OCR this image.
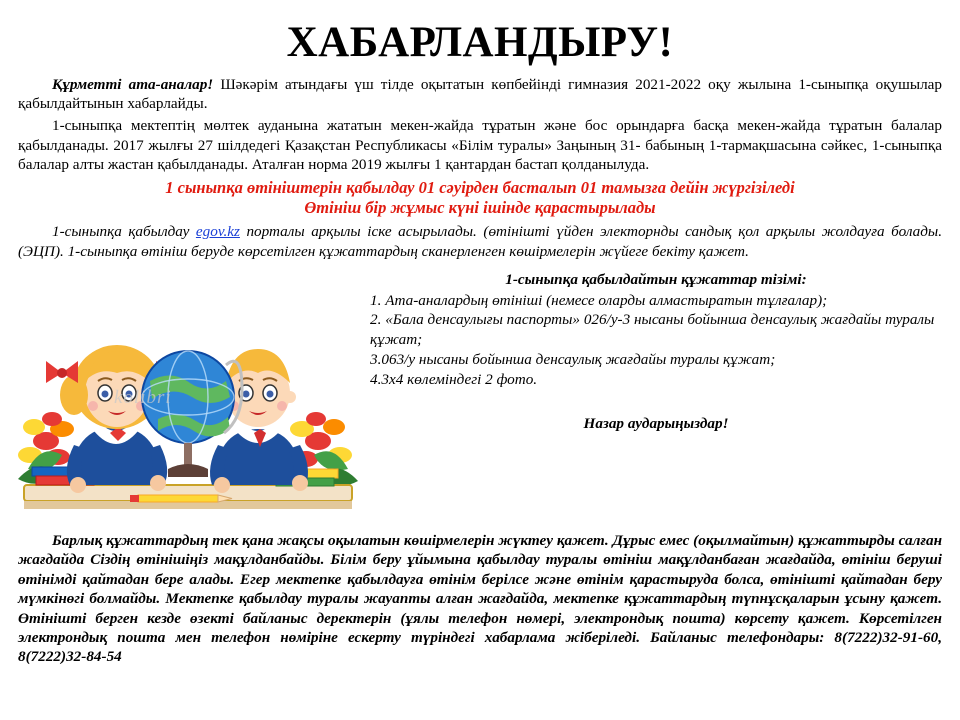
ХАБАРЛАНДЫРУ!

Құрметті ата-аналар! Шәкәрім атындағы үш тілде оқытатын көпбейінді гимназия 2021-2022 оқу жылына 1-сыныпқа оқушылар қабылдайтынын хабарлайды.

1-сыныпқа мектептің мөлтек ауданына жататын мекен-жайда тұратын және бос орындарға басқа мекен-жайда тұратын балалар қабылданады. 2017 жылғы 27 шілдедегі Қазақстан Республикасы «Білім туралы» Заңының 31- бабының 1-тармақшасына сәйкес, 1-сыныпқа балалар алты жастан қабылданады. Аталған норма 2019 жылғы 1 қантардан бастап қолданылуда.

1 сыныпқа өтініштерін қабылдау 01 сәуірден басталып 01 тамызға дейін жүргізіледі
Өтініш бір жұмыс күні ішінде қарастырылады

1-сыныпқа қабылдау egov.kz порталы арқылы іске асырылады. (өтінішті үйден электорнды сандық қол арқылы жолдауға болады. (ЭЦП). 1-сыныпқа өтініш беруде көрсетілген құжаттардың сканерленген көшірмелерін жүйеге бекіту қажет.

kolibri
1-сыныпқа қабылдайтын құжаттар тізімі:
1. Ата-аналардың өтініші (немесе оларды алмастыратын тұлғалар);
2. «Бала денсаулығы паспорты» 026/у-3 нысаны бойынша денсаулық жағдайы туралы құжат;
3.063/у нысаны бойынша денсаулық жағдайы туралы құжат;
4.3х4 көлеміндегі 2 фото.
Назар аударыңыздар!

Барлық құжаттардың тек қана жақсы оқылатын көшірмелерін жүктеу қажет. Дұрыс емес (оқылмайтын) құжаттырды салған жағдайда Сіздің өтінішіңіз мақұлданбайды. Білім беру ұйымына қабылдау туралы өтініш мақұлданбаған жағдайда, өтініш беруші өтінімді қайтадан бере алады. Егер мектепке қабылдауға өтінім берілсе және өтінім қарастыруда болса, өтінішті қайтадан беру мүмкінөгі болмайды. Мектепке қабылдау туралы жауапты алған жағдайда, мектепке құжаттардың түпнұсқаларын ұсыну қажет. Өтінішті берген кезде өзекті байланыс деректерін (ұялы телефон нөмері, электрондық пошта) көрсету қажет. Көрсетілген электрондық пошта мен телефон нөміріне ескерту түріндегі хабарлама жіберіледі. Байланыс телефондары: 8(7222)32-91-60, 8(7222)32-84-54
